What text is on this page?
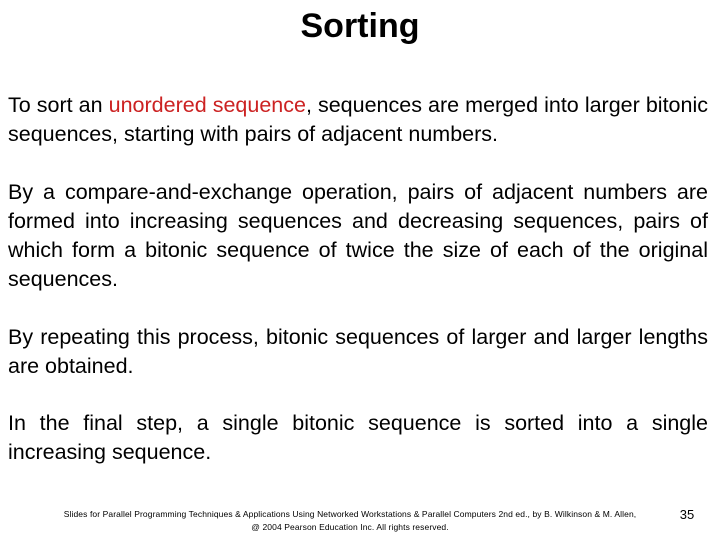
Sorting

To sort an unordered sequence, sequences are merged into larger bitonic sequences, starting with pairs of adjacent numbers.

By a compare-and-exchange operation, pairs of adjacent numbers are formed into increasing sequences and decreasing sequences, pairs of which form a bitonic sequence of twice the size of each of the original sequences.

By repeating this process, bitonic sequences of larger and larger lengths are obtained.

In the final step, a single bitonic sequence is sorted into a single increasing sequence.

Slides for Parallel Programming Techniques & Applications Using Networked Workstations & Parallel Computers 2nd ed., by B. Wilkinson & M. Allen,
@ 2004 Pearson Education Inc. All rights reserved.
35
